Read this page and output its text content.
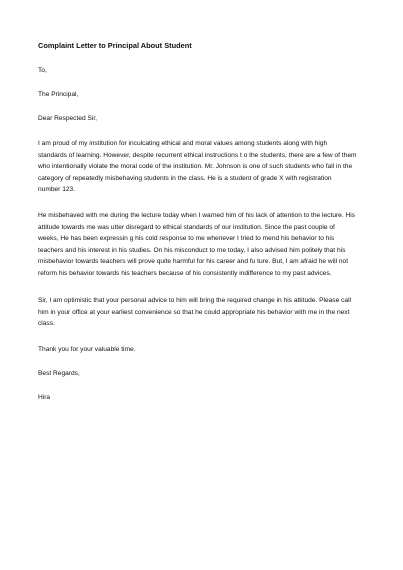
Complaint Letter to Principal About Student
To,
The Principal,
Dear Respected Sir,
I am proud of my institution for inculcating ethical and moral values among students along with high
standards of learning. However, despite recurrent ethical instructions t o the students, there are a few of them
who intentionally violate the moral code of the institution. Mr. Johnson is one of such students who fall in the
category of repeatedly misbehaving students in the class. He is a student of grade X with registration
number 123.
He misbehaved with me during the lecture today when I warned him of his lack of attention to the lecture. His
attitude towards me was utter disregard to ethical standards of our institution. Since the past couple of
weeks, He has been expressin g his cold response to me whenever I tried to mend his behavior to his
teachers and his interest in his studies. On his misconduct to me today, I also advised him politely that his
misbehavior towards teachers will prove quite harmful for his career and fu ture. But, I am afraid he will not
reform his behavior towards his teachers because of his consistently indifference to my past advices.
Sir, I am optimistic that your personal advice to him will bring the required change in his attitude. Please call
him in your office at your earliest convenience so that he could appropriate his behavior with me in the next
class.
Thank you for your valuable time.
Best Regards,
Hira
